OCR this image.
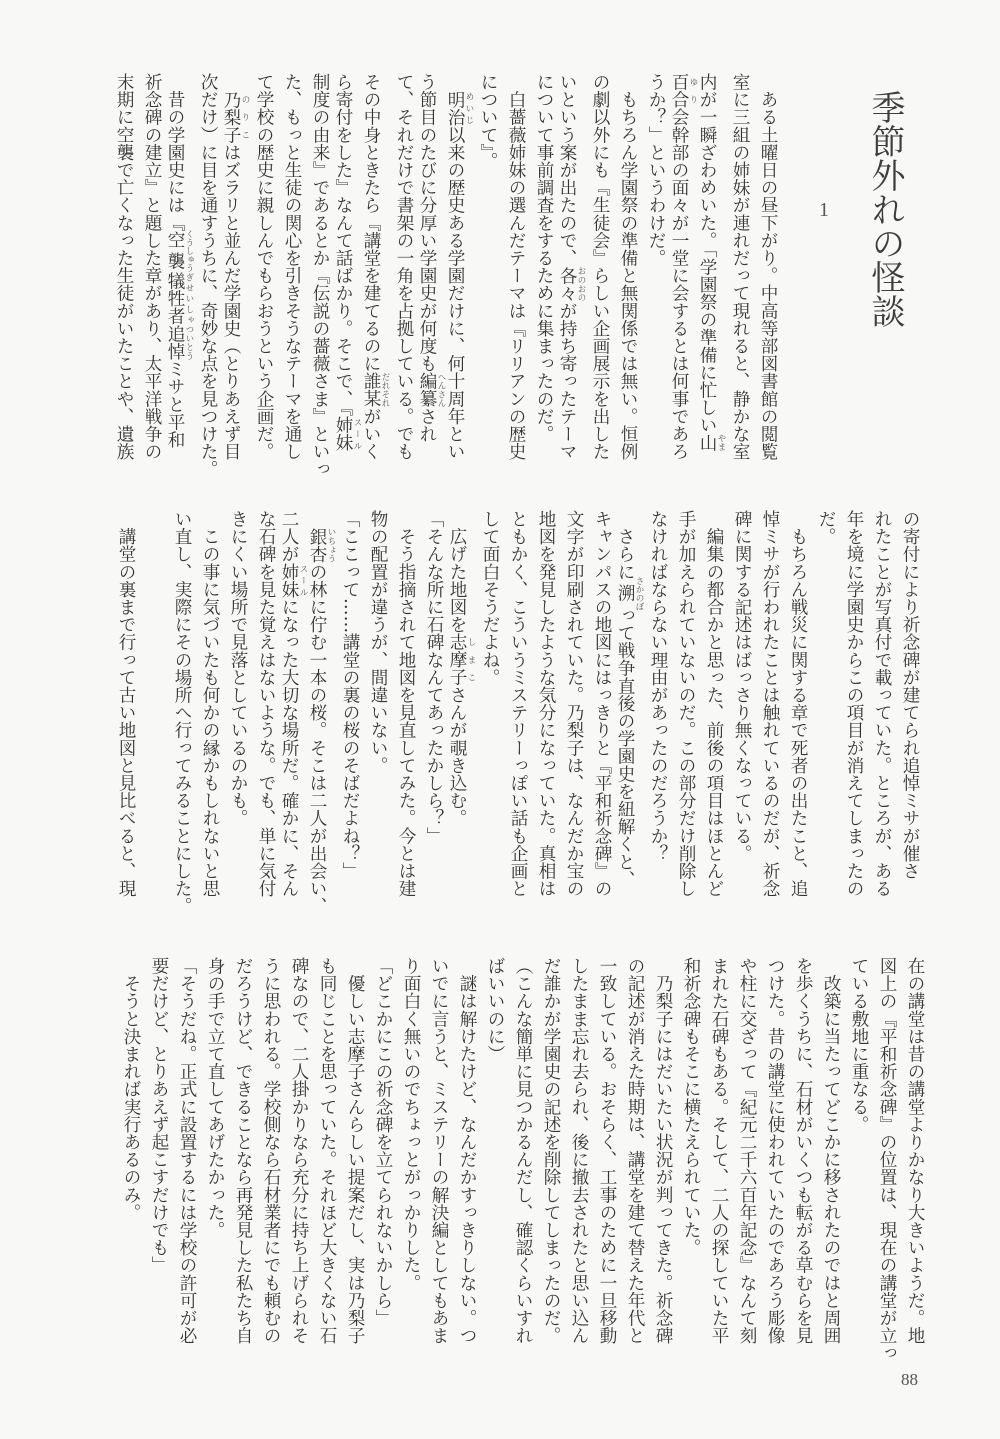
季節外れの怪談
1
　ある土曜日の昼下がり。中高等部図書館の閲覧
室に三組の姉妹が連れだって現れると、静かな室
内が一瞬ざわめいた。「学園祭の準備に忙しい山 やま
百合 ゆり会幹部の面々が一堂に会するとは何事であろ
うか？」というわけだ。
　もちろん学園祭の準備と無関係では無い。恒例
の劇以外にも『生徒会』らしい企画展示を出した
いという案が出たので、各々 おのおのが持ち寄ったテーマ
について事前調査をするために集まったのだ。
　白薔薇姉妹の選んだテーマは『リリアンの歴史
について』。
　明治 めいじ以来の歴史ある学園だけに、何十周年とい
う節目のたびに分厚い学園史が何度も編纂 へんさんされ
て、それだけで書架の一角を占拠している。でも
その中身ときたら『講堂を建てるのに誰某 だれそれがいく
ら寄付をした』なんて話ばかり。そこで、『姉妹 スール
制度の由来』であるとか『伝説の薔薇さま』といっ
た、もっと生徒の関心を引きそうなテーマを通し
て学校の歴史に親しんでもらおうという企画だ。
　乃梨子 のりこはズラリと並んだ学園史（とりあえず目
次だけ）に目を通すうちに、奇妙な点を見つけた。
　昔の学園史には『空襲 くうしゅう犠牲者 ぎせいしゃ追悼 ついとうミサと平和
祈念碑の建立』と題した章があり、太平洋戦争の
末期に空襲で亡くなった生徒がいたことや、遺族
の寄付により祈念碑が建てられ追悼ミサが催さ
れたことが写真付で載っていた。ところが、ある
年を境に学園史からこの項目が消えてしまったの
だ。
　もちろん戦災に関する章で死者の出たこと、追
悼ミサが行われたことは触れているのだが、祈念
碑に関する記述はばっさり無くなっている。
　編集の都合かと思った、前後の項目はほとんど
手が加えられていないのだ。この部分だけ削除し
なければならない理由があったのだろうか？
　さらに溯 さかのぼって戦争直後の学園史を紐解くと、
キャンパスの地図にはっきりと『平和祈念碑』の
文字が印刷されていた。乃梨子は、なんだか宝の
地図を発見したような気分になっていた。真相は
ともかく、こういうミステリーっぽい話も企画と
して面白そうだよね。
　広げた地図を志摩子 しまこさんが覗き込む。
「そんな所に石碑なんてあったかしら？」
　そう指摘されて地図を見直してみた。今とは建
物の配置が違うが、間違いない。
「ここって……講堂の裏の桜のそばだよね？」
　銀杏 いちょうの林に佇む一本の桜。そこは二人が出会い、
二人が姉妹 スールになった大切な場所だ。確かに、そん
な石碑を見た覚えはないような。でも、単に気付
きにくい場所で見落としているのかも。
　この事に気づいたも何かの縁かもしれないと思
い直し、実際にその場所へ行ってみることにした。
　講堂の裏まで行って古い地図と見比べると、現
在の講堂は昔の講堂よりかなり大きいようだ。地
図上の『平和祈念碑』の位置は、現在の講堂が立っ
ている敷地に重なる。
　改築に当たってどこかに移されたのではと周囲
を歩くうちに、石材がいくつも転がる草むらを見
つけた。昔の講堂に使われていたのであろう彫像
や柱に交ざって『紀元二千六百年記念』なんて刻
まれた石碑もある。そして、二人の探していた平
和祈念碑もそこに横たえられていた。
　乃梨子にはだいたい状況が判ってきた。祈念碑
の記述が消えた時期は、講堂を建て替えた年代と
一致している。おそらく、工事のために一旦移動
したまま忘れ去られ、後に撤去されたと思い込ん
だ誰かが学園史の記述を削除してしまったのだ。
（こんな簡単に見つかるんだし、確認くらいすれ
ばいいのに）
　謎は解けたけど、なんだかすっきりしない。つ
いでに言うと、ミステリーの解決編としてもあま
り面白く無いのでちょっとがっかりした。
「どこかにこの祈念碑を立てられないかしら」
　優しい志摩子さんらしい提案だし、実は乃梨子
も同じことを思っていた。それほど大きくない石
碑なので、二人掛かりなら充分に持ち上げられそ
うに思われる。学校側なら石材業者にでも頼むの
だろうけど、できることなら再発見した私たち自
身の手で立て直してあげたかった。
「そうだね。正式に設置するには学校の許可が必
要だけど、とりあえず起こすだけでも」
　そうと決まれば実行あるのみ。
88
